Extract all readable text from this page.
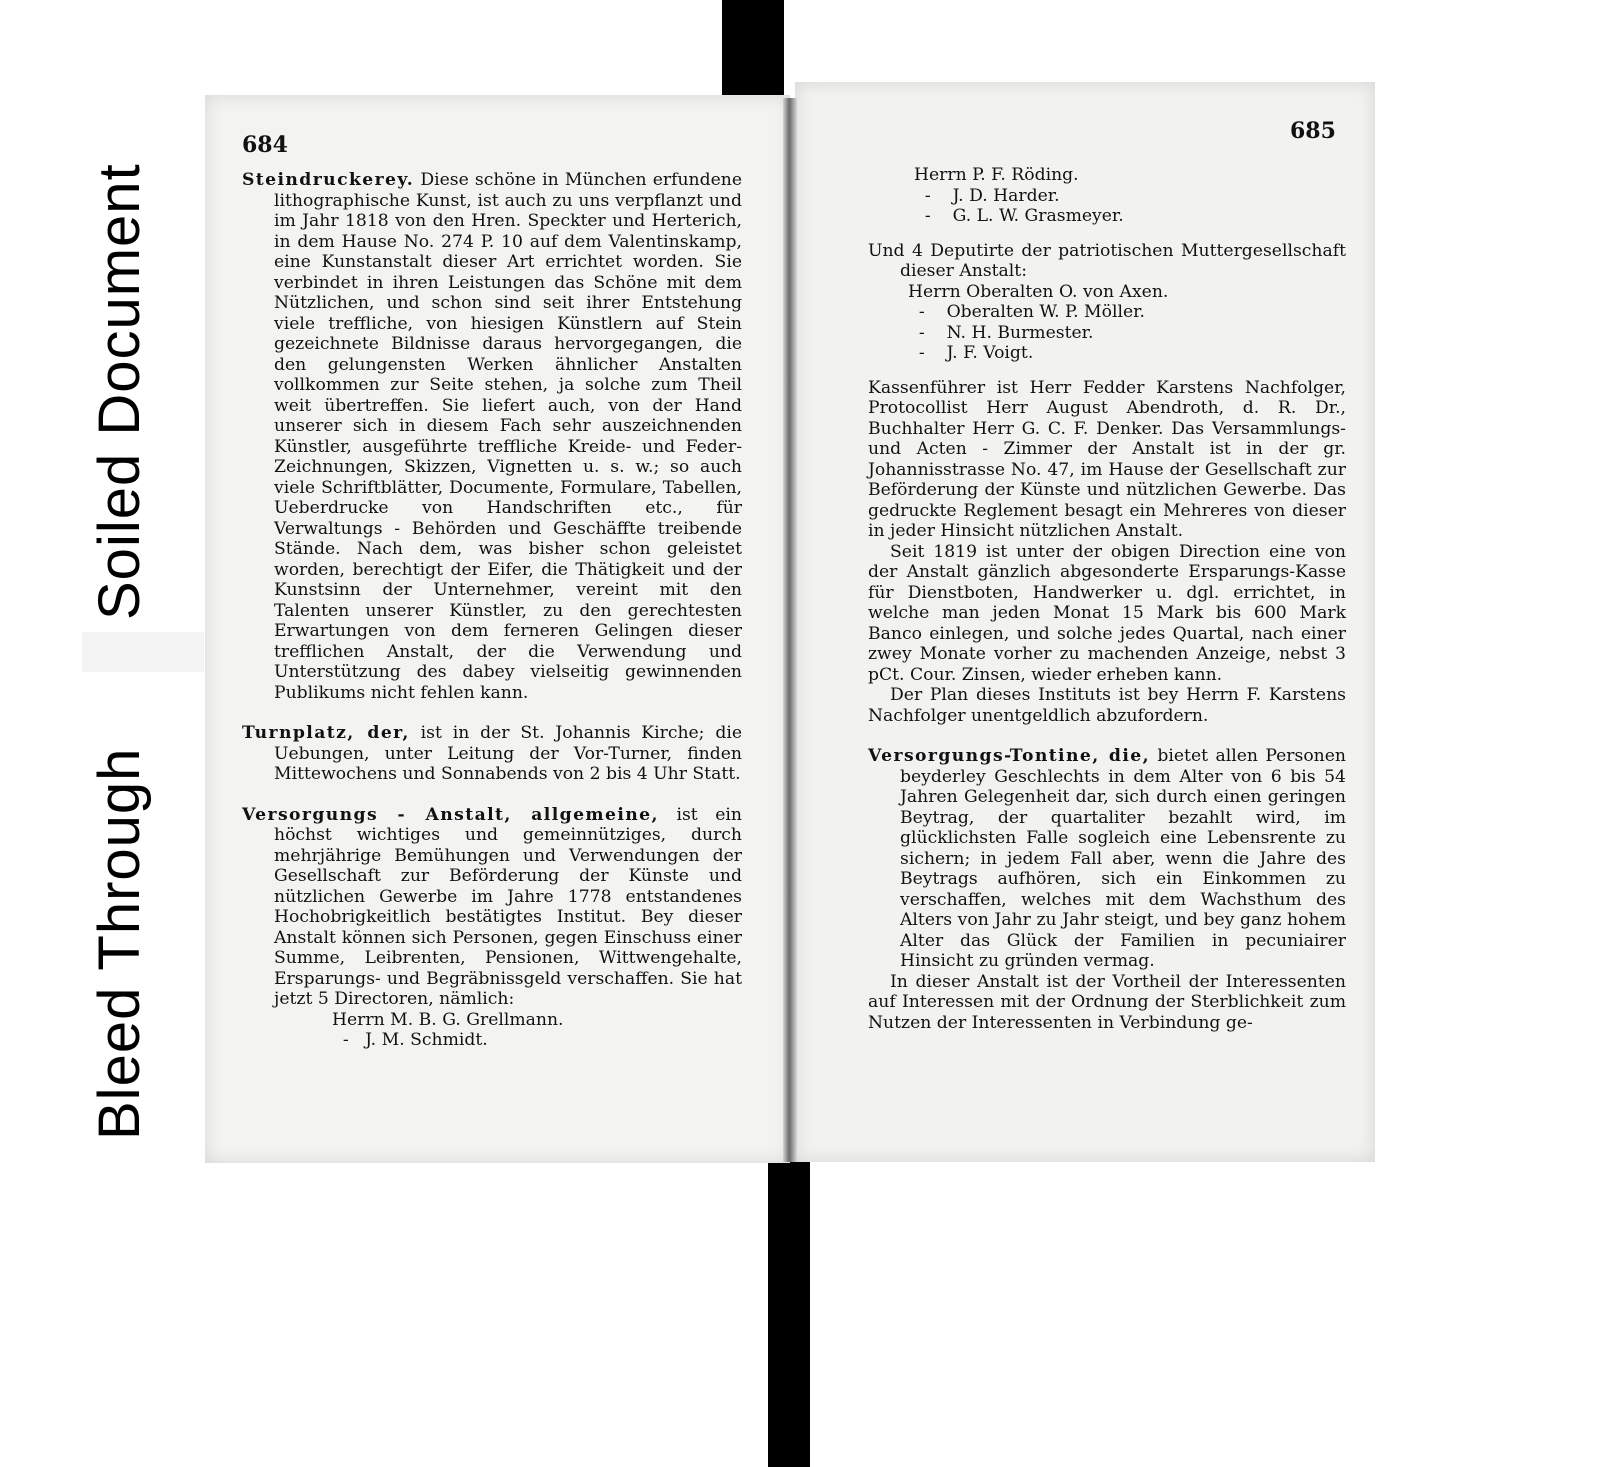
Soiled Document
Bleed Through
684

Steindruckerey. Diese schöne in München erfundene lithographische Kunst, ist auch zu uns verpflanzt und im Jahr 1818 von den Hren. Speckter und Herterich, in dem Hause No. 274 P. 10 auf dem Valentinskamp, eine Kunstanstalt dieser Art errichtet worden. Sie verbindet in ihren Leistungen das Schöne mit dem Nützlichen, und schon sind seit ihrer Entstehung viele treffliche, von hiesigen Künstlern auf Stein gezeichnete Bildnisse daraus hervorgegangen, die den gelungensten Werken ähnlicher Anstalten vollkommen zur Seite stehen, ja solche zum Theil weit übertreffen. Sie liefert auch, von der Hand unserer sich in diesem Fach sehr auszeichnenden Künstler, ausgeführte treffliche Kreide- und Feder-Zeichnungen, Skizzen, Vignetten u. s. w.; so auch viele Schriftblätter, Documente, Formulare, Tabellen, Ueberdrucke von Handschriften etc., für Verwaltungs - Behörden und Geschäffte treibende Stände. Nach dem, was bisher schon geleistet worden, berechtigt der Eifer, die Thätigkeit und der Kunstsinn der Unternehmer, vereint mit den Talenten unserer Künstler, zu den gerechtesten Erwartungen von dem ferneren Gelingen dieser trefflichen Anstalt, der die Verwendung und Unterstützung des dabey vielseitig gewinnenden Publikums nicht fehlen kann.

Turnplatz, der, ist in der St. Johannis Kirche; die Uebungen, unter Leitung der Vor-Turner, finden Mittewochens und Sonnabends von 2 bis 4 Uhr Statt.

Versorgungs - Anstalt, allgemeine, ist ein höchst wichtiges und gemeinnütziges, durch mehrjährige Bemühungen und Verwendungen der Gesellschaft zur Beförderung der Künste und nützlichen Gewerbe im Jahre 1778 entstandenes Hochobrigkeitlich bestätigtes Institut. Bey dieser Anstalt können sich Personen, gegen Einschuss einer Summe, Leibrenten, Pensionen, Wittwengehalte, Ersparungs- und Begräbnissgeld verschaffen. Sie hat jetzt 5 Directoren, nämlich:

Herrn M. B. G. Grellmann.
-   J. M. Schmidt.
685
Herrn P. F. Röding.
-    J. D. Harder.
-    G. L. W. Grasmeyer.

Und 4 Deputirte der patriotischen Muttergesellschaft dieser Anstalt:

Herrn Oberalten O. von Axen.
-    Oberalten W. P. Möller.
-    N. H. Burmester.
-    J. F. Voigt.

Kassenführer ist Herr Fedder Karstens Nachfolger, Protocollist Herr August Abendroth, d. R. Dr., Buchhalter Herr G. C. F. Denker. Das Versammlungs- und Acten - Zimmer der Anstalt ist in der gr. Johannisstrasse No. 47, im Hause der Gesellschaft zur Beförderung der Künste und nützlichen Gewerbe. Das gedruckte Reglement besagt ein Mehreres von dieser in jeder Hinsicht nützlichen Anstalt.

Seit 1819 ist unter der obigen Direction eine von der Anstalt gänzlich abgesonderte Ersparungs-Kasse für Dienstboten, Handwerker u. dgl. errichtet, in welche man jeden Monat 15 Mark bis 600 Mark Banco einlegen, und solche jedes Quartal, nach einer zwey Monate vorher zu machenden Anzeige, nebst 3 pCt. Cour. Zinsen, wieder erheben kann.

Der Plan dieses Instituts ist bey Herrn F. Karstens Nachfolger unentgeldlich abzufordern.

Versorgungs-Tontine, die, bietet allen Personen beyderley Geschlechts in dem Alter von 6 bis 54 Jahren Gelegenheit dar, sich durch einen geringen Beytrag, der quartaliter bezahlt wird, im glücklichsten Falle sogleich eine Lebensrente zu sichern; in jedem Fall aber, wenn die Jahre des Beytrags aufhören, sich ein Einkommen zu verschaffen, welches mit dem Wachsthum des Alters von Jahr zu Jahr steigt, und bey ganz hohem Alter das Glück der Familien in pecuniairer Hinsicht zu gründen vermag.

In dieser Anstalt ist der Vortheil der Interessenten auf Interessen mit der Ordnung der Sterblichkeit zum Nutzen der Interessenten in Verbindung ge-
